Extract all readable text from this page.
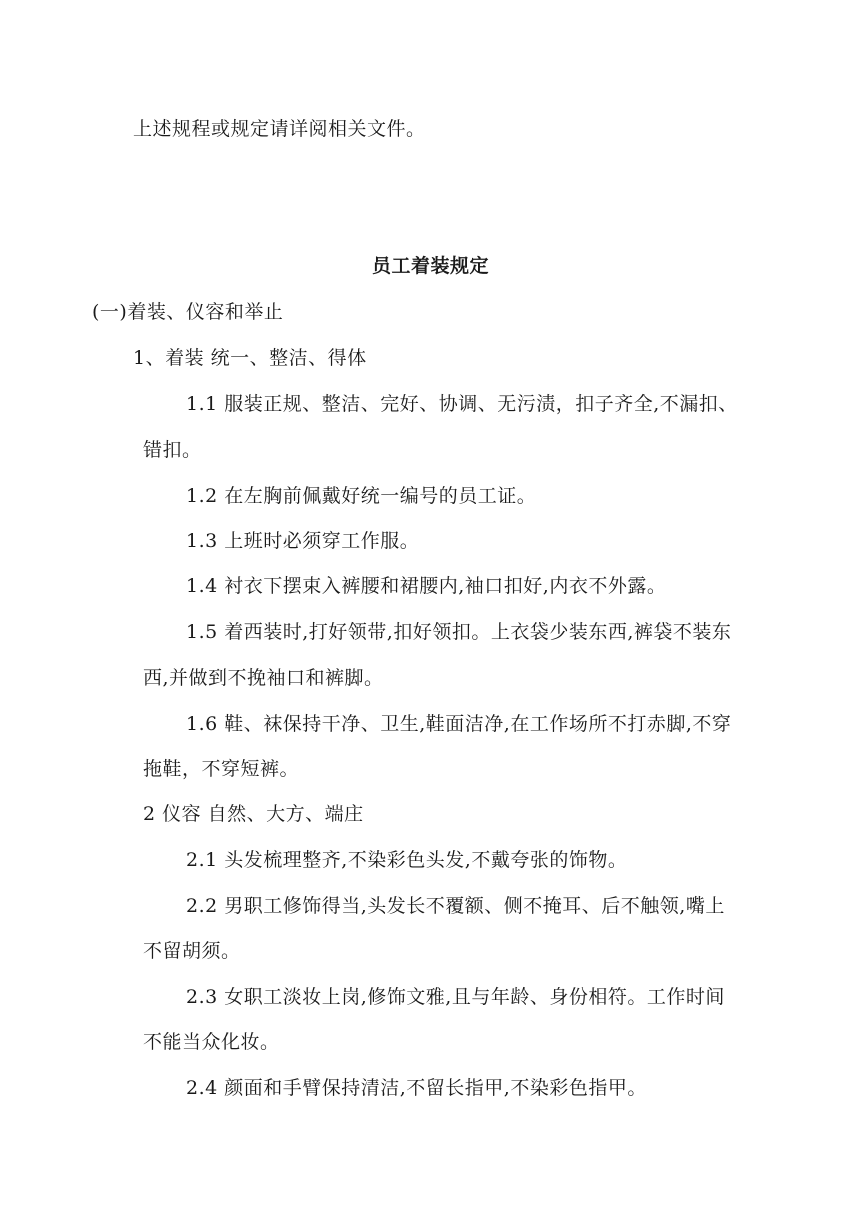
上述规程或规定请详阅相关文件。
员工着装规定
(一)着装、仪容和举止
1、着装 统一、整洁、得体
1.1 服装正规、整洁、完好、协调、无污渍，扣子齐全,不漏扣、
错扣。
1.2 在左胸前佩戴好统一编号的员工证。
1.3 上班时必须穿工作服。
1.4 衬衣下摆束入裤腰和裙腰内,袖口扣好,内衣不外露。
1.5 着西装时,打好领带,扣好领扣。上衣袋少装东西,裤袋不装东
西,并做到不挽袖口和裤脚。
1.6 鞋、袜保持干净、卫生,鞋面洁净,在工作场所不打赤脚,不穿
拖鞋，不穿短裤。
2 仪容 自然、大方、端庄
2.1 头发梳理整齐,不染彩色头发,不戴夸张的饰物。
2.2 男职工修饰得当,头发长不覆额、侧不掩耳、后不触领,嘴上
不留胡须。
2.3 女职工淡妆上岗,修饰文雅,且与年龄、身份相符。工作时间
不能当众化妆。
2.4 颜面和手臂保持清洁,不留长指甲,不染彩色指甲。
